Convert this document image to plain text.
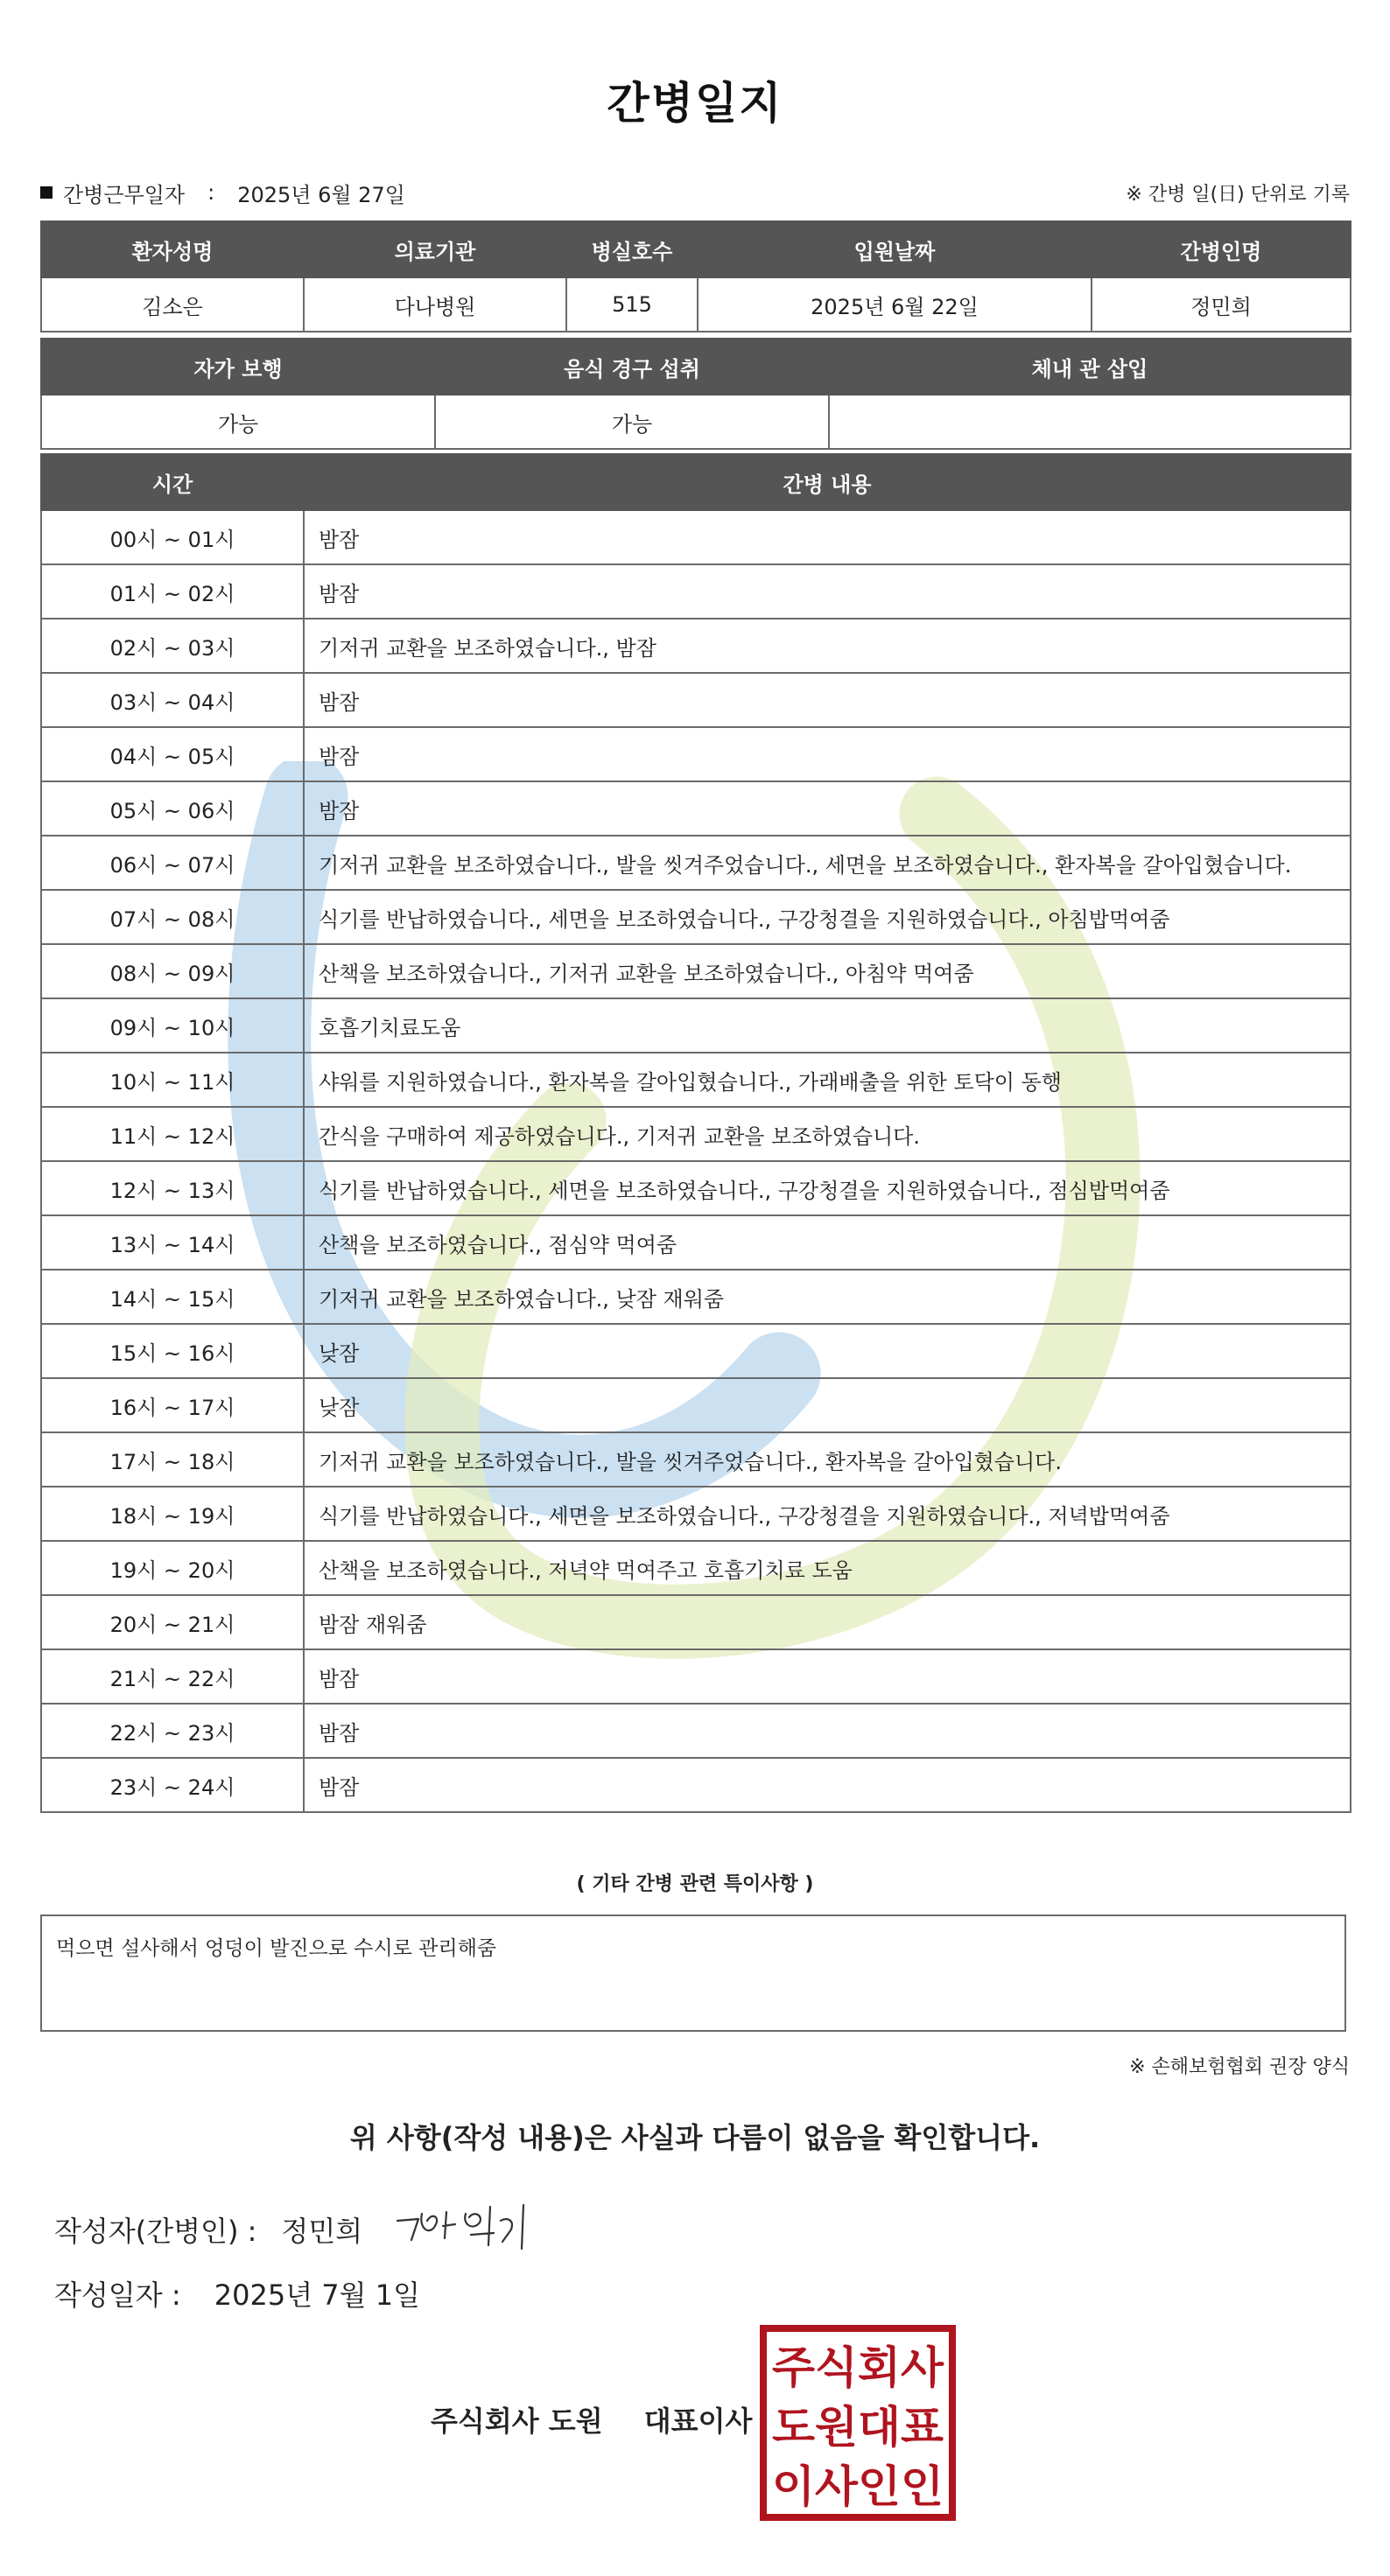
간병일지
간병근무일자 : 2025년 6월 27일	※ 간병 일(日) 단위로 기록
환자성명	의료기관	병실호수	입원날짜	간병인명
김소은	다나병원	515	2025년 6월 22일	정민희
자가 보행	음식 경구 섭취	체내 관 삽입
가능	가능	
시간	간병 내용
00시 ~ 01시	밤잠
01시 ~ 02시	밤잠
02시 ~ 03시	기저귀 교환을 보조하였습니다., 밤잠
03시 ~ 04시	밤잠
04시 ~ 05시	밤잠
05시 ~ 06시	밤잠
06시 ~ 07시	기저귀 교환을 보조하였습니다., 발을 씻겨주었습니다., 세면을 보조하였습니다., 환자복을 갈아입혔습니다.
07시 ~ 08시	식기를 반납하였습니다., 세면을 보조하였습니다., 구강청결을 지원하였습니다., 아침밥먹여줌
08시 ~ 09시	산책을 보조하였습니다., 기저귀 교환을 보조하였습니다., 아침약 먹여줌
09시 ~ 10시	호흡기치료도움
10시 ~ 11시	샤워를 지원하였습니다., 환자복을 갈아입혔습니다., 가래배출을 위한 토닥이 동행
11시 ~ 12시	간식을 구매하여 제공하였습니다., 기저귀 교환을 보조하였습니다.
12시 ~ 13시	식기를 반납하였습니다., 세면을 보조하였습니다., 구강청결을 지원하였습니다., 점심밥먹여줌
13시 ~ 14시	산책을 보조하였습니다., 점심약 먹여줌
14시 ~ 15시	기저귀 교환을 보조하였습니다., 낮잠 재워줌
15시 ~ 16시	낮잠
16시 ~ 17시	낮잠
17시 ~ 18시	기저귀 교환을 보조하였습니다., 발을 씻겨주었습니다., 환자복을 갈아입혔습니다.
18시 ~ 19시	식기를 반납하였습니다., 세면을 보조하였습니다., 구강청결을 지원하였습니다., 저녁밥먹여줌
19시 ~ 20시	산책을 보조하였습니다., 저녁약 먹여주고 호흡기치료 도움
20시 ~ 21시	밤잠 재워줌
21시 ~ 22시	밤잠
22시 ~ 23시	밤잠
23시 ~ 24시	밤잠
( 기타 간병 관련 특이사항 )
먹으면 설사해서 엉덩이 발진으로 수시로 관리해줌
※ 손해보험협회 권장 양식
위 사항(작성 내용)은 사실과 다름이 없음을 확인합니다.
작성자(간병인) : 정민희
작성일자 : 2025년 7월 1일
주식회사 도원 대표이사
주식회사
도원대표
이사인인
